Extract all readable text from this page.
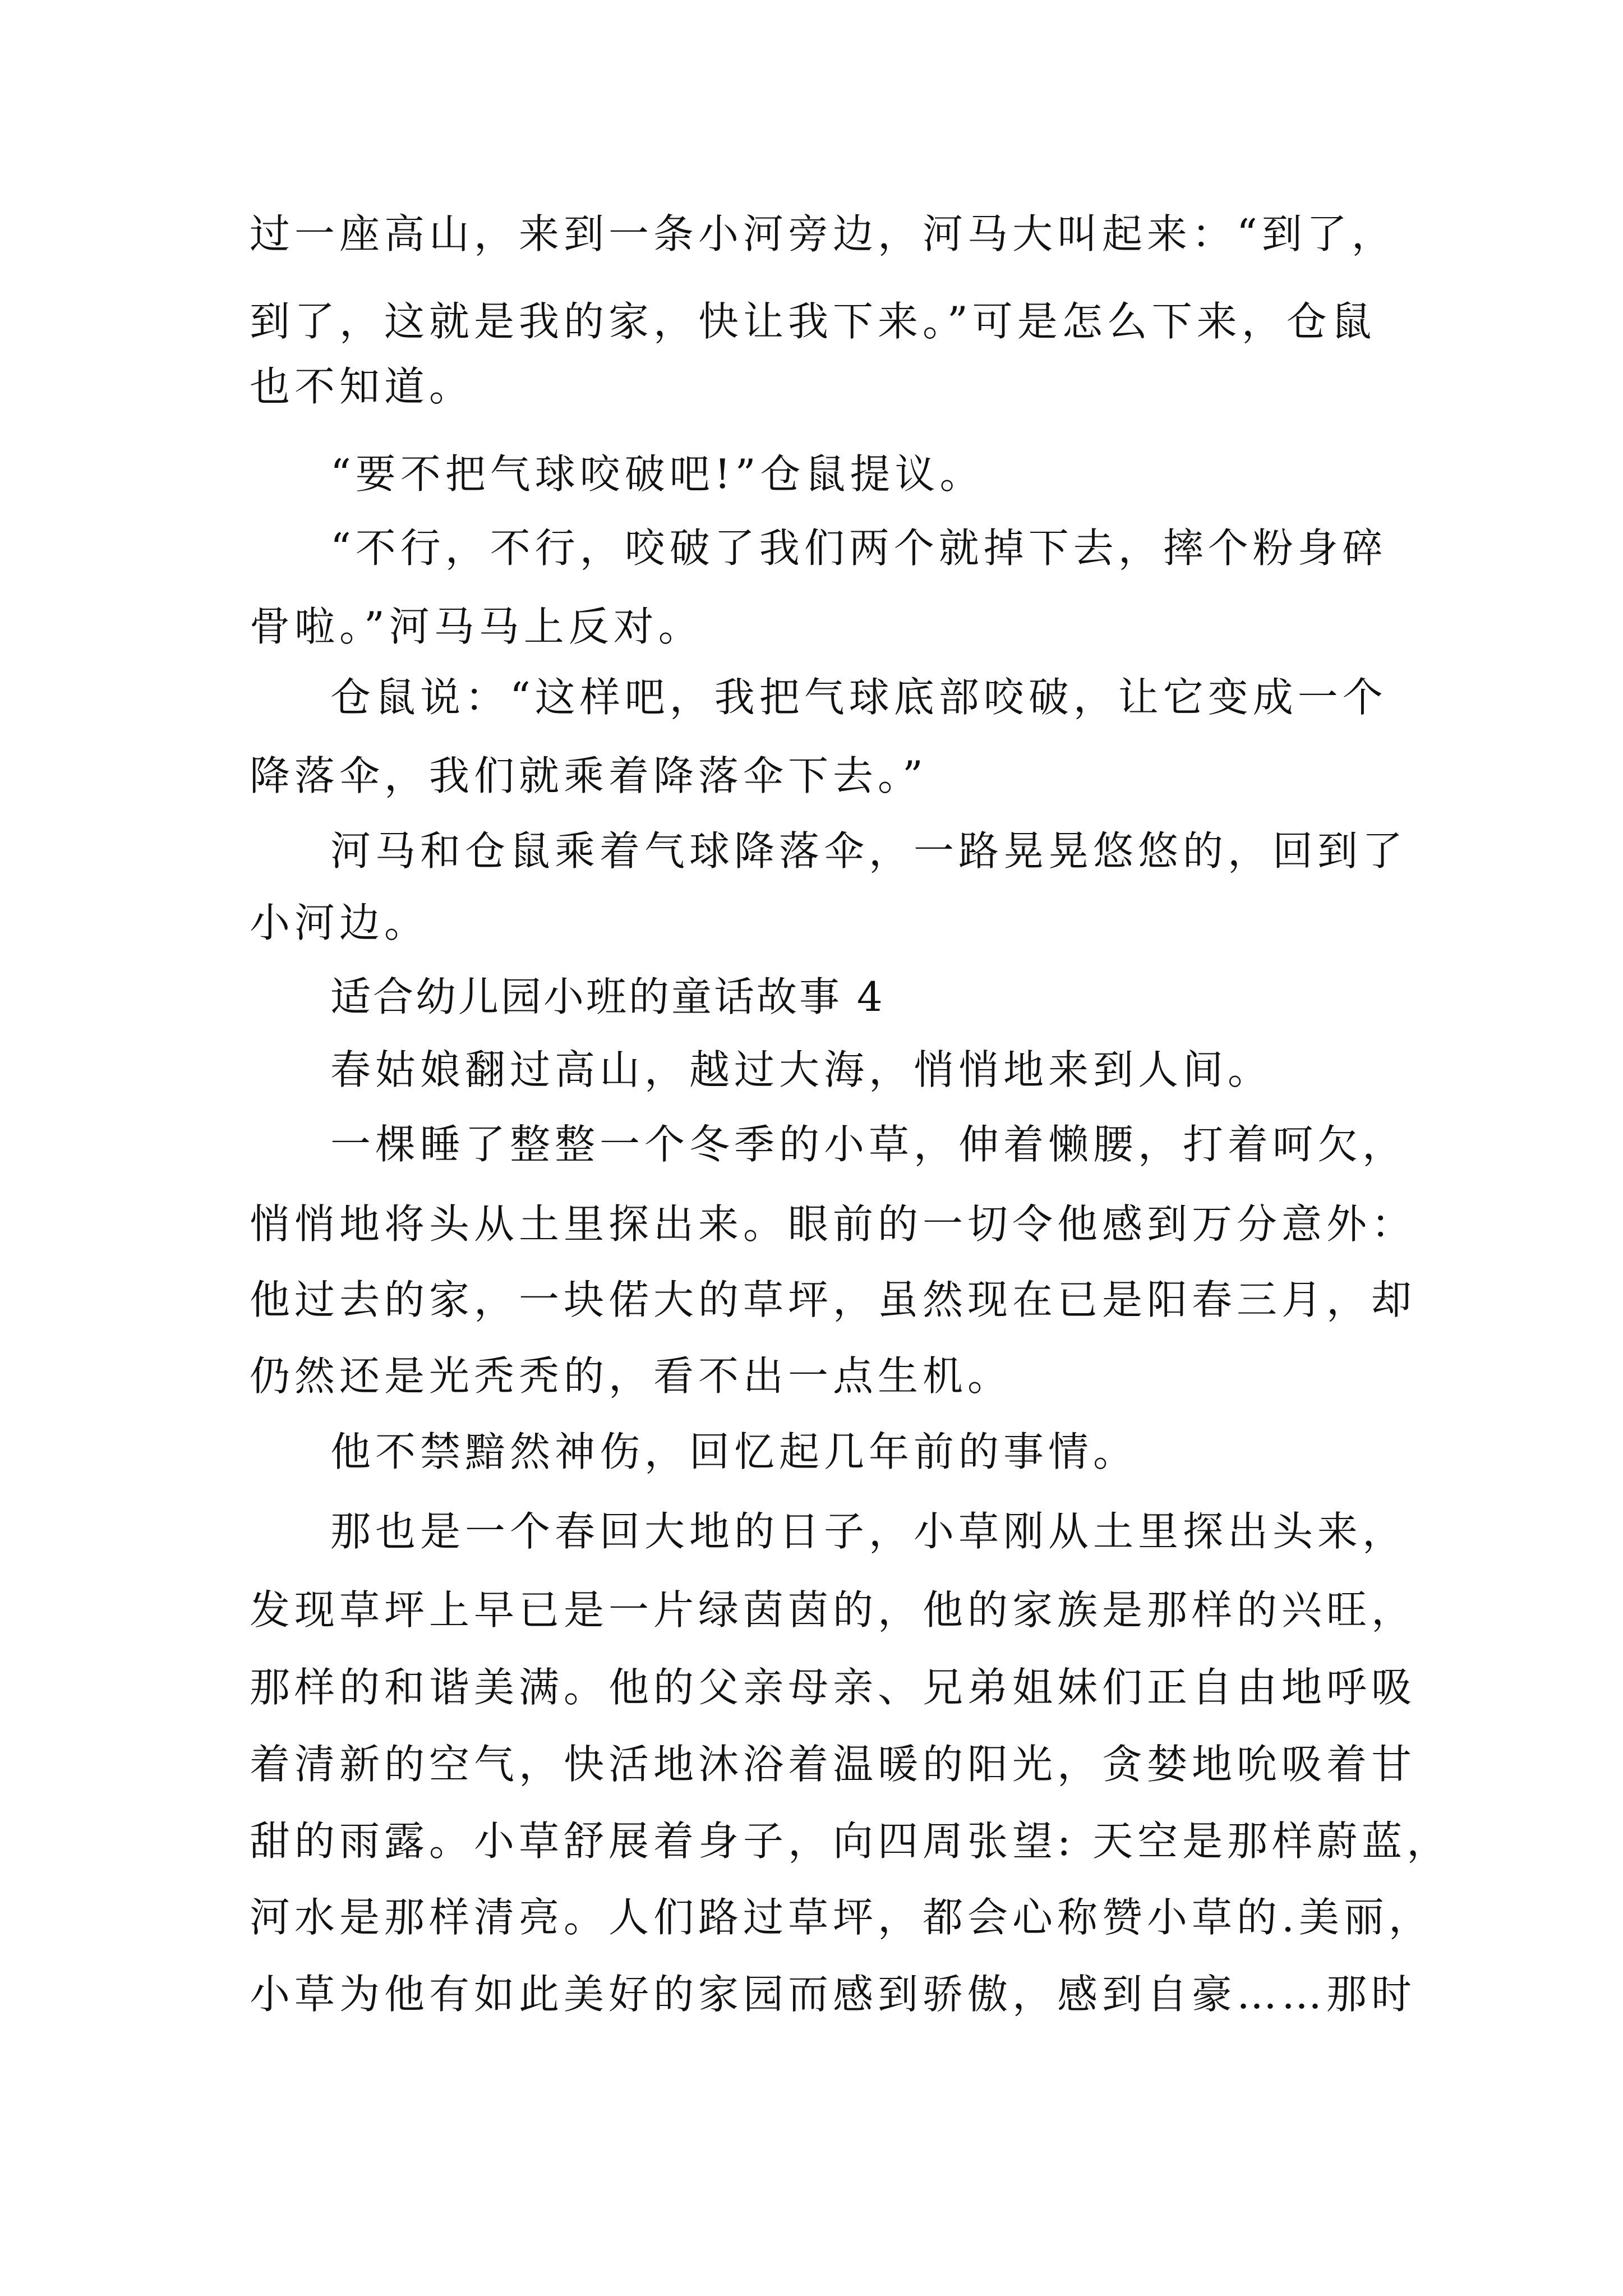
过一座高山，来到一条小河旁边，河马大叫起来：“到了，
到了，这就是我的家，快让我下来。”可是怎么下来，仓鼠
也不知道。
“要不把气球咬破吧!”仓鼠提议。
“不行，不行，咬破了我们两个就掉下去，摔个粉身碎
骨啦。”河马马上反对。
仓鼠说：“这样吧，我把气球底部咬破，让它变成一个
降落伞，我们就乘着降落伞下去。”
河马和仓鼠乘着气球降落伞，一路晃晃悠悠的，回到了
小河边。
适合幼儿园小班的童话故事 4
春姑娘翻过高山，越过大海，悄悄地来到人间。
一棵睡了整整一个冬季的小草，伸着懒腰，打着呵欠，
悄悄地将头从土里探出来。眼前的一切令他感到万分意外：
他过去的家，一块偌大的草坪，虽然现在已是阳春三月，却
仍然还是光秃秃的，看不出一点生机。
他不禁黯然神伤，回忆起几年前的事情。
那也是一个春回大地的日子，小草刚从土里探出头来，
发现草坪上早已是一片绿茵茵的，他的家族是那样的兴旺，
那样的和谐美满。他的父亲母亲、兄弟姐妹们正自由地呼吸
着清新的空气，快活地沐浴着温暖的阳光，贪婪地吮吸着甘
甜的雨露。小草舒展着身子，向四周张望: 天空是那样蔚蓝，
河水是那样清亮。人们路过草坪，都会心称赞小草的.美丽，
小草为他有如此美好的家园而感到骄傲，感到自豪……那时
